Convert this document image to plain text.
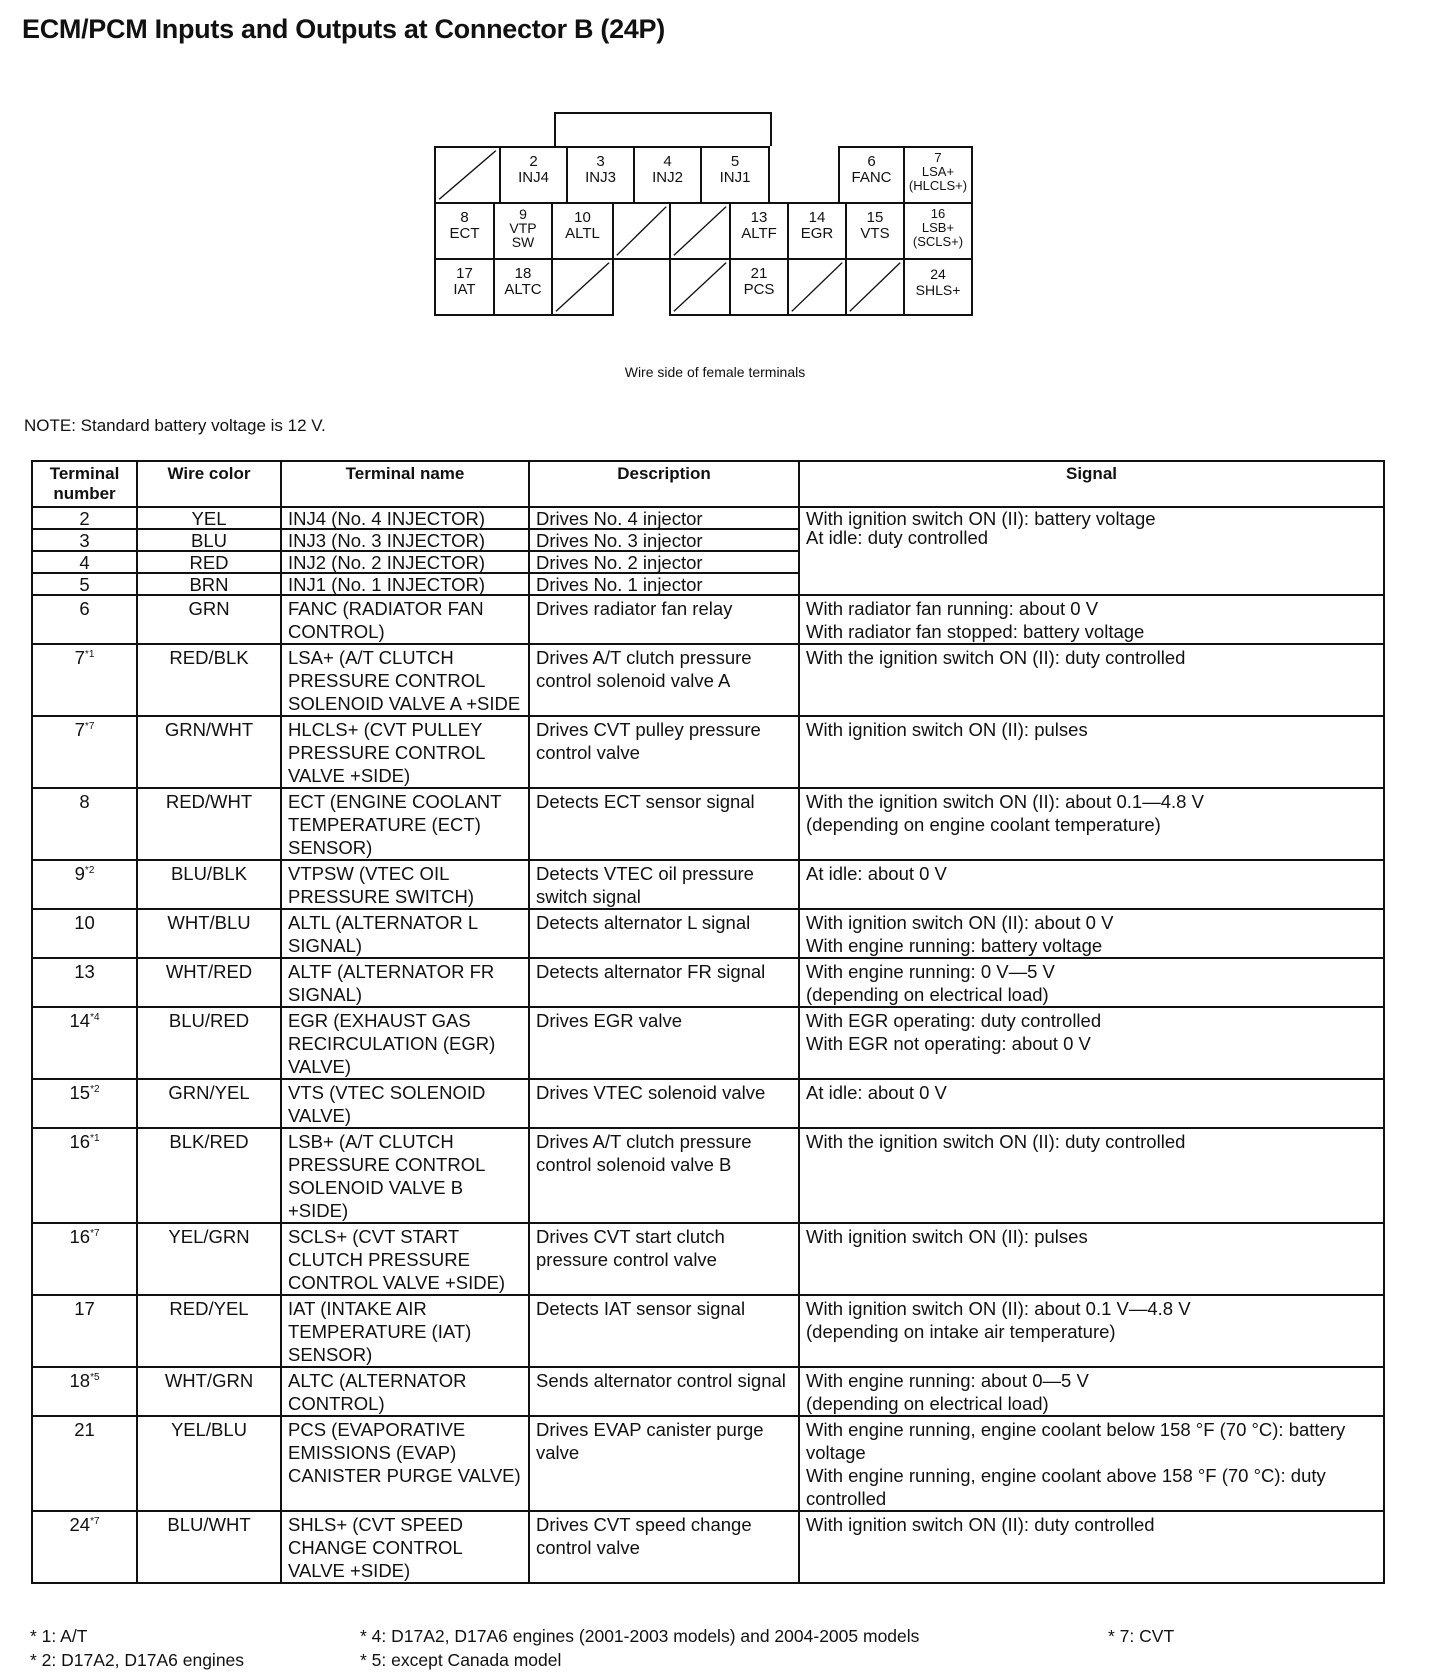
ECM/PCM Inputs and Outputs at Connector B (24P)
2
INJ4
3
INJ3
4
INJ2
5
INJ1
6
FANC
7
LSA+
(HLCLS+)
8
ECT
9
VTP
SW
10
ALTL
13
ALTF
14
EGR
15
VTS
16
LSB+
(SCLS+)
17
IAT
18
ALTC
21
PCS
24
SHLS+
Wire side of female terminals
NOTE: Standard battery voltage is 12 V.
Terminal number	Wire color	Terminal name	Description	Signal
2	YEL	INJ4 (No. 4 INJECTOR)	Drives No. 4 injector	With ignition switch ON (II): battery voltage
At idle: duty controlled
3	BLU	INJ3 (No. 3 INJECTOR)	Drives No. 3 injector	
4	RED	INJ2 (No. 2 INJECTOR)	Drives No. 2 injector	
5	BRN	INJ1 (No. 1 INJECTOR)	Drives No. 1 injector	
6	GRN	FANC (RADIATOR FAN CONTROL)	Drives radiator fan relay	With radiator fan running: about 0 V
With radiator fan stopped: battery voltage
7$^{*1}$	RED/BLK	LSA+ (A/T CLUTCH PRESSURE CONTROL SOLENOID VALVE A +SIDE	Drives A/T clutch pressure control solenoid valve A	With the ignition switch ON (II): duty controlled
7$^{*7}$	GRN/WHT	HLCLS+ (CVT PULLEY PRESSURE CONTROL VALVE +SIDE)	Drives CVT pulley pressure control valve	With ignition switch ON (II): pulses
8	RED/WHT	ECT (ENGINE COOLANT TEMPERATURE (ECT) SENSOR)	Detects ECT sensor signal	With the ignition switch ON (II): about 0.1—4.8 V
(depending on engine coolant temperature)
9$^{*2}$	BLU/BLK	VTPSW (VTEC OIL PRESSURE SWITCH)	Detects VTEC oil pressure switch signal	At idle: about 0 V
10	WHT/BLU	ALTL (ALTERNATOR L SIGNAL)	Detects alternator L signal	With ignition switch ON (II): about 0 V
With engine running: battery voltage
13	WHT/RED	ALTF (ALTERNATOR FR SIGNAL)	Detects alternator FR signal	With engine running: 0 V—5 V
(depending on electrical load)
14$^{*4}$	BLU/RED	EGR (EXHAUST GAS RECIRCULATION (EGR) VALVE)	Drives EGR valve	With EGR operating: duty controlled
With EGR not operating: about 0 V
15$^{*2}$	GRN/YEL	VTS (VTEC SOLENOID VALVE)	Drives VTEC solenoid valve	At idle: about 0 V
16$^{*1}$	BLK/RED	LSB+ (A/T CLUTCH PRESSURE CONTROL SOLENOID VALVE B +SIDE)	Drives A/T clutch pressure control solenoid valve B	With the ignition switch ON (II): duty controlled
16$^{*7}$	YEL/GRN	SCLS+ (CVT START CLUTCH PRESSURE CONTROL VALVE +SIDE)	Drives CVT start clutch pressure control valve	With ignition switch ON (II): pulses
17	RED/YEL	IAT (INTAKE AIR TEMPERATURE (IAT) SENSOR)	Detects IAT sensor signal	With ignition switch ON (II): about 0.1 V—4.8 V
(depending on intake air temperature)
18$^{*5}$	WHT/GRN	ALTC (ALTERNATOR CONTROL)	Sends alternator control signal	With engine running: about 0—5 V
(depending on electrical load)
21	YEL/BLU	PCS (EVAPORATIVE EMISSIONS (EVAP) CANISTER PURGE VALVE)	Drives EVAP canister purge valve	With engine running, engine coolant below 158 °F (70 °C): battery voltage
With engine running, engine coolant above 158 °F (70 °C): duty controlled
24$^{*7}$	BLU/WHT	SHLS+ (CVT SPEED CHANGE CONTROL VALVE +SIDE)	Drives CVT speed change control valve	With ignition switch ON (II): duty controlled
* 1: A/T
* 2: D17A2, D17A6 engines
* 4: D17A2, D17A6 engines (2001-2003 models) and 2004-2005 models
* 5: except Canada model
* 7: CVT
